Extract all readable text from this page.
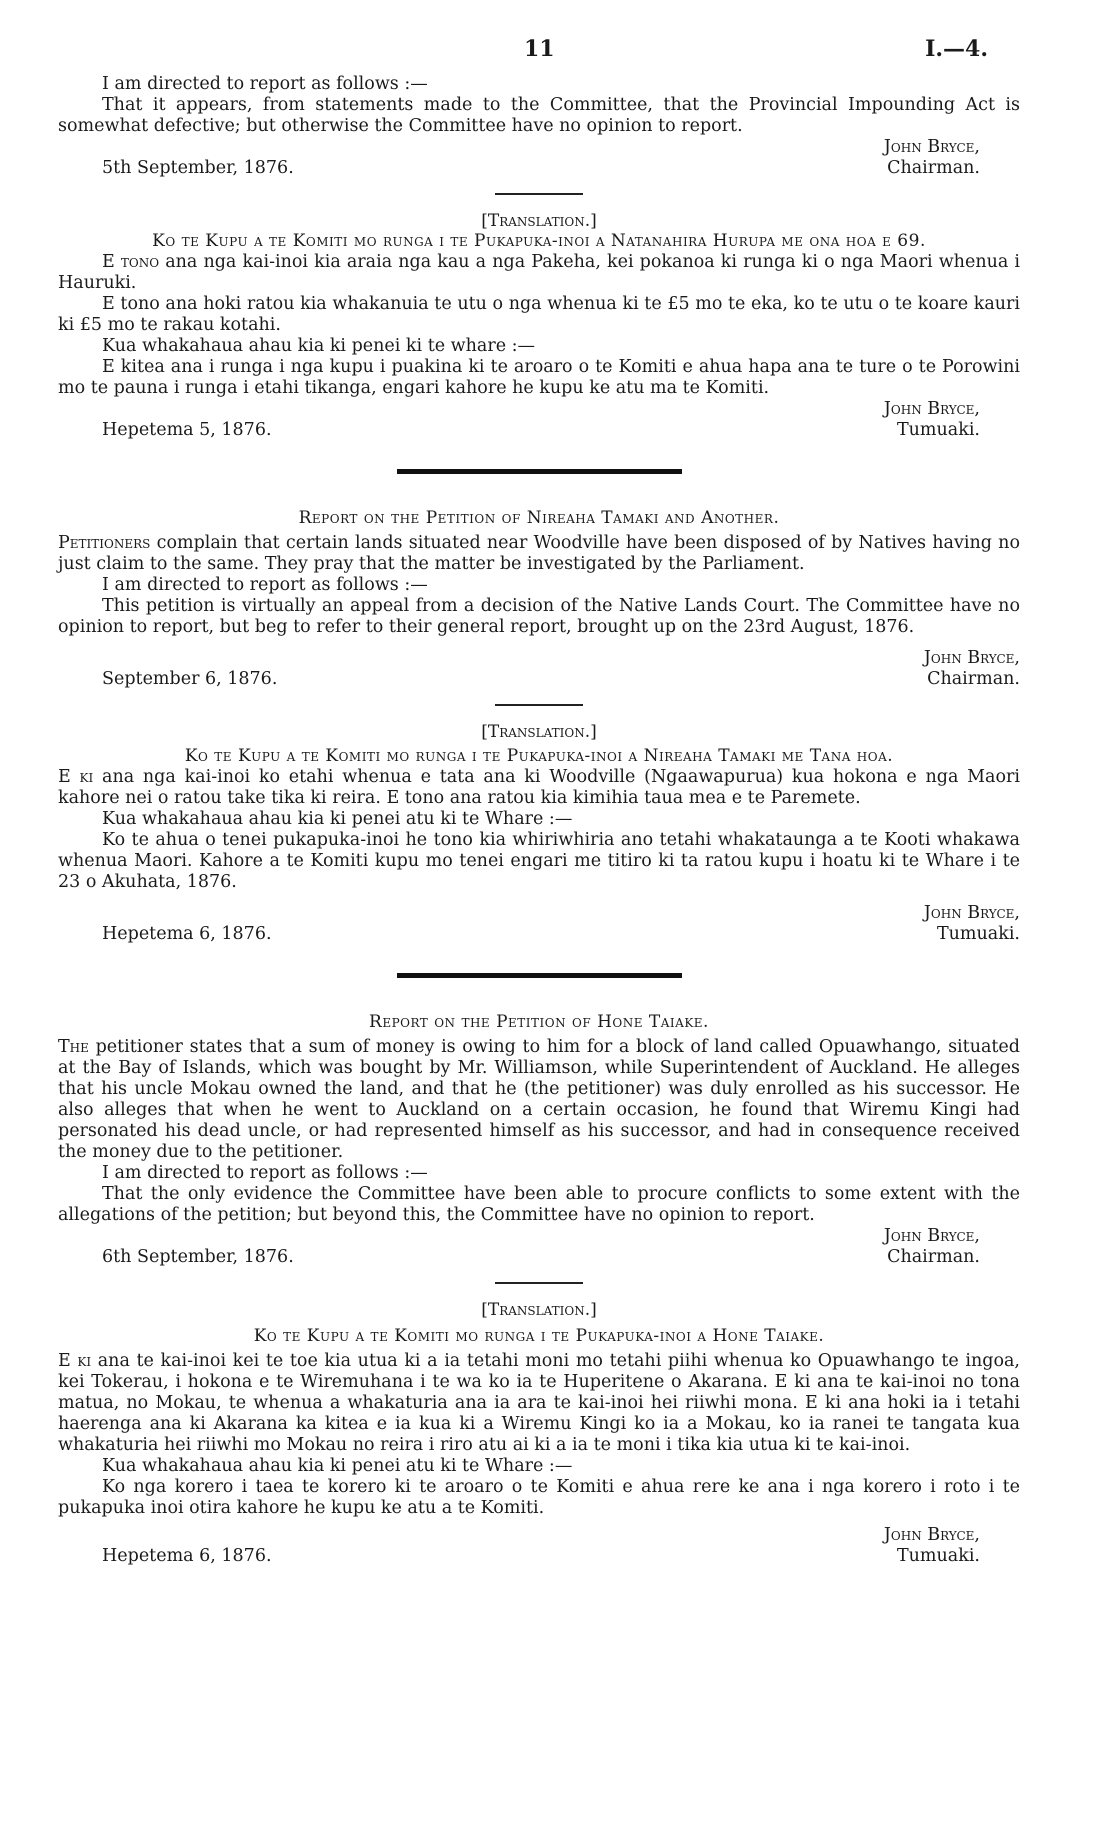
11	I.—4.

I am directed to report as follows :—

That it appears, from statements made to the Committee, that the Provincial Impounding Act is somewhat defective; but otherwise the Committee have no opinion to report.

John Bryce,
5th September, 1876.	Chairman.
[Translation.]
Ko te Kupu a te Komiti mo runga i te Pukapuka-inoi a Natanahira Hurupa me ona hoa e 69.

E tono ana nga kai-inoi kia araia nga kau a nga Pakeha, kei pokanoa ki runga ki o nga Maori whenua i Hauruki.

E tono ana hoki ratou kia whakanuia te utu o nga whenua ki te £5 mo te eka, ko te utu o te koare kauri ki £5 mo te rakau kotahi.

Kua whakahaua ahau kia ki penei ki te whare :—

E kitea ana i runga i nga kupu i puakina ki te aroaro o te Komiti e ahua hapa ana te ture o te Porowini mo te pauna i runga i etahi tikanga, engari kahore he kupu ke atu ma te Komiti.

John Bryce,
Hepetema 5, 1876.	Tumuaki.
Report on the Petition of Nireaha Tamaki and Another.

Petitioners complain that certain lands situated near Woodville have been disposed of by Natives having no just claim to the same. They pray that the matter be investigated by the Parliament.

I am directed to report as follows :—

This petition is virtually an appeal from a decision of the Native Lands Court. The Committee have no opinion to report, but beg to refer to their general report, brought up on the 23rd August, 1876.

John Bryce,
September 6, 1876.	Chairman.
[Translation.]
Ko te Kupu a te Komiti mo runga i te Pukapuka-inoi a Nireaha Tamaki me Tana hoa.

E ki ana nga kai-inoi ko etahi whenua e tata ana ki Woodville (Ngaawapurua) kua hokona e nga Maori kahore nei o ratou take tika ki reira. E tono ana ratou kia kimihia taua mea e te Paremete.

Kua whakahaua ahau kia ki penei atu ki te Whare :—

Ko te ahua o tenei pukapuka-inoi he tono kia whiriwhiria ano tetahi whakataunga a te Kooti whakawa whenua Maori. Kahore a te Komiti kupu mo tenei engari me titiro ki ta ratou kupu i hoatu ki te Whare i te 23 o Akuhata, 1876.

John Bryce,
Hepetema 6, 1876.	Tumuaki.
Report on the Petition of Hone Taiake.

The petitioner states that a sum of money is owing to him for a block of land called Opuawhango, situated at the Bay of Islands, which was bought by Mr. Williamson, while Superintendent of Auckland. He alleges that his uncle Mokau owned the land, and that he (the petitioner) was duly enrolled as his successor. He also alleges that when he went to Auckland on a certain occasion, he found that Wiremu Kingi had personated his dead uncle, or had represented himself as his successor, and had in consequence received the money due to the petitioner.

I am directed to report as follows :—

That the only evidence the Committee have been able to procure conflicts to some extent with the allegations of the petition; but beyond this, the Committee have no opinion to report.

John Bryce,
6th September, 1876.	Chairman.
[Translation.]
Ko te Kupu a te Komiti mo runga i te Pukapuka-inoi a Hone Taiake.

E ki ana te kai-inoi kei te toe kia utua ki a ia tetahi moni mo tetahi piihi whenua ko Opuawhango te ingoa, kei Tokerau, i hokona e te Wiremuhana i te wa ko ia te Huperitene o Akarana. E ki ana te kai-inoi no tona matua, no Mokau, te whenua a whakaturia ana ia ara te kai-inoi hei riiwhi mona. E ki ana hoki ia i tetahi haerenga ana ki Akarana ka kitea e ia kua ki a Wiremu Kingi ko ia a Mokau, ko ia ranei te tangata kua whakaturia hei riiwhi mo Mokau no reira i riro atu ai ki a ia te moni i tika kia utua ki te kai-inoi.

Kua whakahaua ahau kia ki penei atu ki te Whare :—

Ko nga korero i taea te korero ki te aroaro o te Komiti e ahua rere ke ana i nga korero i roto i te pukapuka inoi otira kahore he kupu ke atu a te Komiti.

John Bryce,
Hepetema 6, 1876.	Tumuaki.
